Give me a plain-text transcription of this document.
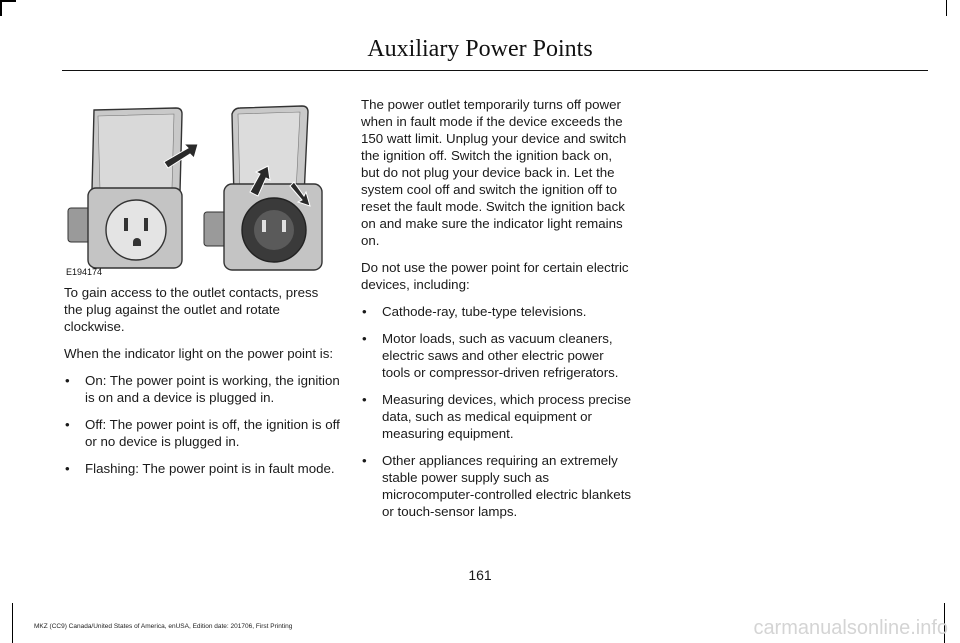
Auxiliary Power Points
E194174

To gain access to the outlet contacts, press the plug against the outlet and rotate clockwise.

When the indicator light on the power point is:

• On: The power point is working, the ignition is on and a device is plugged in.
• Off: The power point is off, the ignition is off or no device is plugged in.
• Flashing: The power point is in fault mode.

The power outlet temporarily turns off power when in fault mode if the device exceeds the 150 watt limit. Unplug your device and switch the ignition off. Switch the ignition back on, but do not plug your device back in. Let the system cool off and switch the ignition off to reset the fault mode. Switch the ignition back on and make sure the indicator light remains on.

Do not use the power point for certain electric devices, including:

• Cathode-ray, tube-type televisions.
• Motor loads, such as vacuum cleaners, electric saws and other electric power tools or compressor-driven refrigerators.
• Measuring devices, which process precise data, such as medical equipment or measuring equipment.
• Other appliances requiring an extremely stable power supply such as microcomputer-controlled electric blankets or touch-sensor lamps.
161
MKZ (CC9) Canada/United States of America, enUSA, Edition date: 201706, First Printing	carmanualsonline.info
